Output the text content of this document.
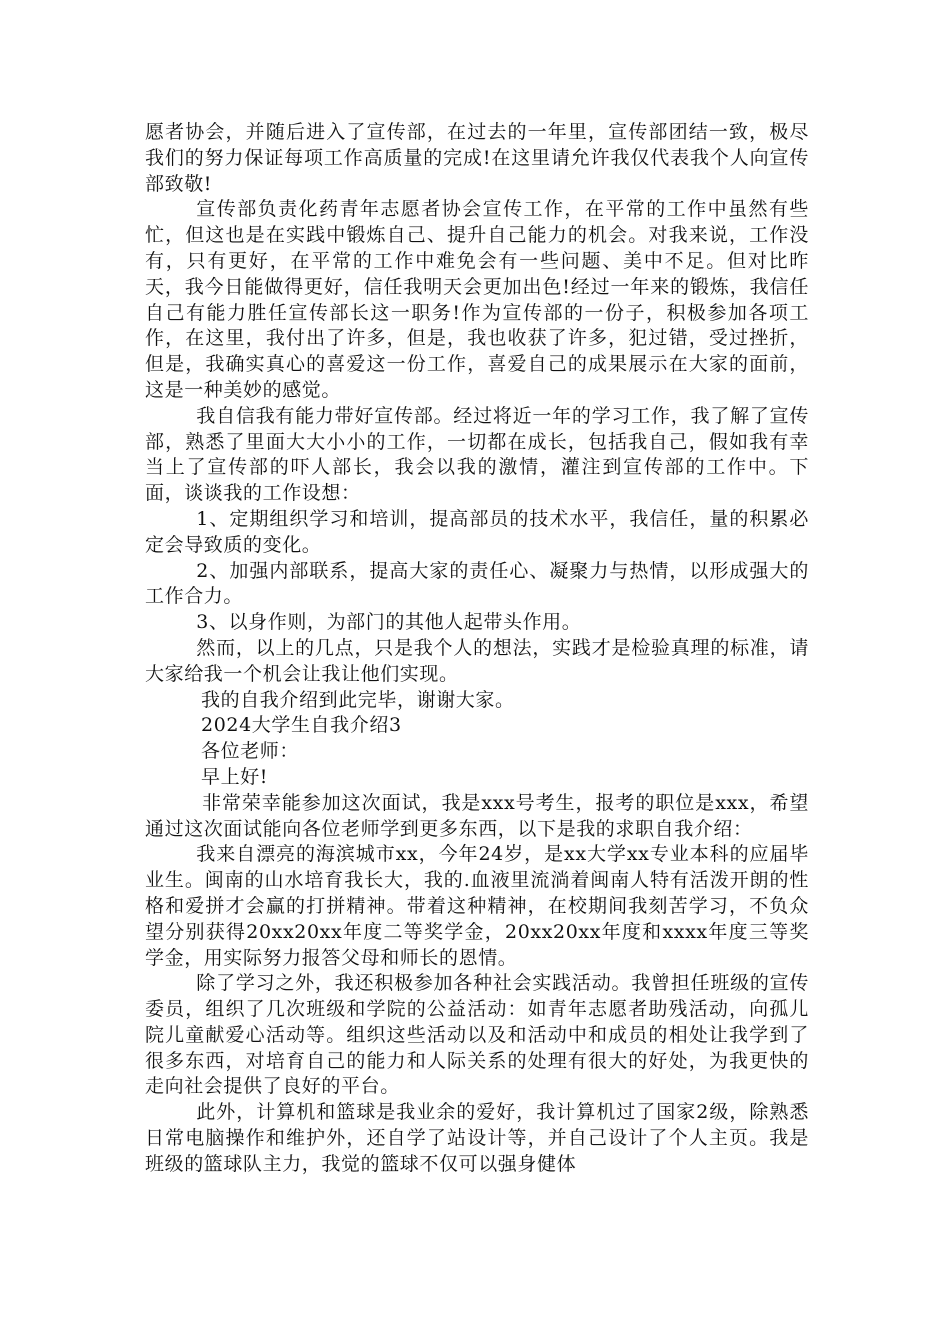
愿者协会，并随后进入了宣传部，在过去的一年里，宣传部团结一致，极尽我们的努力保证每项工作高质量的完成!在这里请允许我仅代表我个人向宣传部致敬!

宣传部负责化药青年志愿者协会宣传工作，在平常的工作中虽然有些忙，但这也是在实践中锻炼自己、提升自己能力的机会。对我来说，工作没有，只有更好，在平常的工作中难免会有一些问题、美中不足。但对比昨天，我今日能做得更好，信任我明天会更加出色!经过一年来的锻炼，我信任自己有能力胜任宣传部长这一职务!作为宣传部的一份子，积极参加各项工作，在这里，我付出了许多，但是，我也收获了许多，犯过错，受过挫折，但是，我确实真心的喜爱这一份工作，喜爱自己的成果展示在大家的面前，这是一种美妙的感觉。

我自信我有能力带好宣传部。经过将近一年的学习工作，我了解了宣传部，熟悉了里面大大小小的工作，一切都在成长，包括我自己，假如我有幸当上了宣传部的吓人部长，我会以我的激情，灌注到宣传部的工作中。下面，谈谈我的工作设想：

1、定期组织学习和培训，提高部员的技术水平，我信任，量的积累必定会导致质的变化。

2、加强内部联系，提高大家的责任心、凝聚力与热情，以形成强大的工作合力。

3、以身作则，为部门的其他人起带头作用。

然而，以上的几点，只是我个人的想法，实践才是检验真理的标准，请大家给我一个机会让我让他们实现。

我的自我介绍到此完毕，谢谢大家。

2024大学生自我介绍3

各位老师：

早上好!

非常荣幸能参加这次面试，我是xxx号考生，报考的职位是xxx，希望通过这次面试能向各位老师学到更多东西，以下是我的求职自我介绍：

我来自漂亮的海滨城市xx，今年24岁，是xx大学xx专业本科的应届毕业生。闽南的山水培育我长大，我的.血液里流淌着闽南人特有活泼开朗的性格和爱拼才会赢的打拼精神。带着这种精神，在校期间我刻苦学习，不负众望分别获得20xx20xx年度二等奖学金，20xx20xx年度和xxxx年度三等奖学金，用实际努力报答父母和师长的恩情。

除了学习之外，我还积极参加各种社会实践活动。我曾担任班级的宣传委员，组织了几次班级和学院的公益活动：如青年志愿者助残活动，向孤儿院儿童献爱心活动等。组织这些活动以及和活动中和成员的相处让我学到了很多东西，对培育自己的能力和人际关系的处理有很大的好处，为我更快的走向社会提供了良好的平台。

此外，计算机和篮球是我业余的爱好，我计算机过了国家2级，除熟悉日常电脑操作和维护外，还自学了站设计等，并自己设计了个人主页。我是班级的篮球队主力，我觉的篮球不仅可以强身健体
